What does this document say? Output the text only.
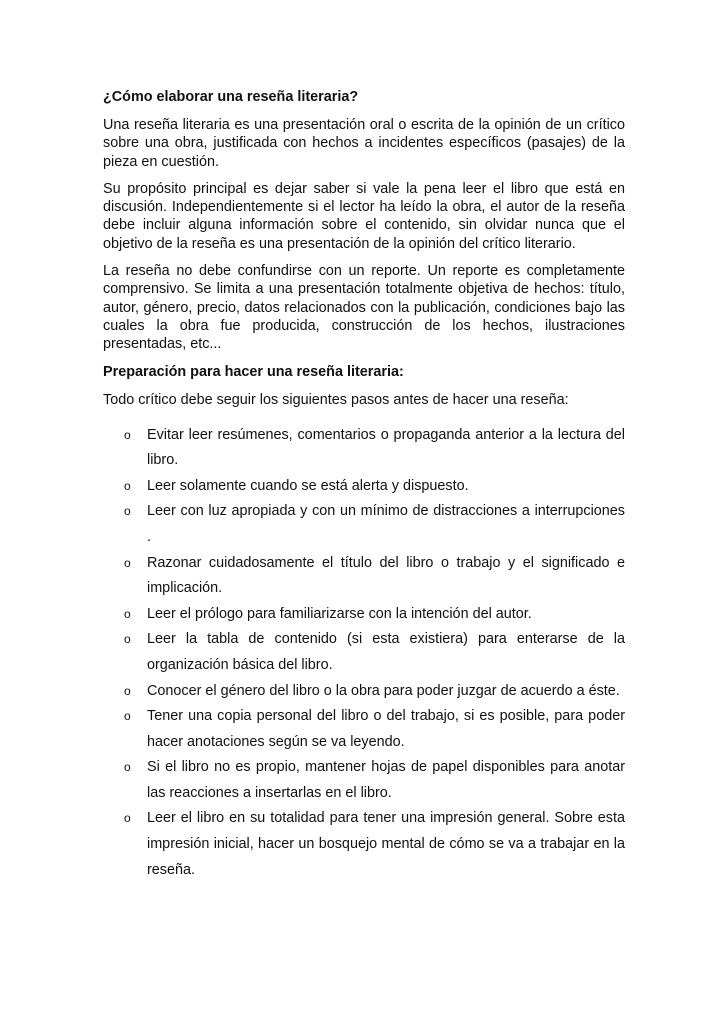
¿Cómo elaborar una reseña literaria?
Una reseña literaria es una presentación oral o escrita de la opinión de un crítico sobre una obra, justificada con hechos a incidentes específicos (pasajes) de la pieza en cuestión.
Su propósito principal es dejar saber si vale la pena leer el libro que está en discusión. Independientemente si el lector ha leído la obra, el autor de la reseña debe incluir alguna información sobre el contenido, sin olvidar nunca que el objetivo de la reseña es una presentación de la opinión del crítico literario.
La reseña no debe confundirse con un reporte. Un reporte es completamente comprensivo. Se limita a una presentación totalmente objetiva de hechos: título, autor, género, precio, datos relacionados con la publicación, condiciones bajo las cuales la obra fue producida, construcción de los hechos, ilustraciones presentadas, etc...
Preparación para hacer una reseña literaria:
Todo crítico debe seguir los siguientes pasos antes de hacer una reseña:
o Evitar leer resúmenes, comentarios o propaganda anterior a la lectura del libro.
o Leer solamente cuando se está alerta y dispuesto.
o Leer con luz apropiada y con un mínimo de distracciones a interrupciones .
o Razonar cuidadosamente el título del libro o trabajo y el significado e implicación.
o Leer el prólogo para familiarizarse con la intención del autor.
o Leer la tabla de contenido (si esta existiera) para enterarse de la organización básica del libro.
o Conocer el género del libro o la obra para poder juzgar de acuerdo a éste.
o Tener una copia personal del libro o del trabajo, si es posible, para poder hacer anotaciones según se va leyendo.
o Si el libro no es propio, mantener hojas de papel disponibles para anotar las reacciones a insertarlas en el libro.
o Leer el libro en su totalidad para tener una impresión general. Sobre esta impresión inicial, hacer un bosquejo mental de cómo se va a trabajar en la reseña.
